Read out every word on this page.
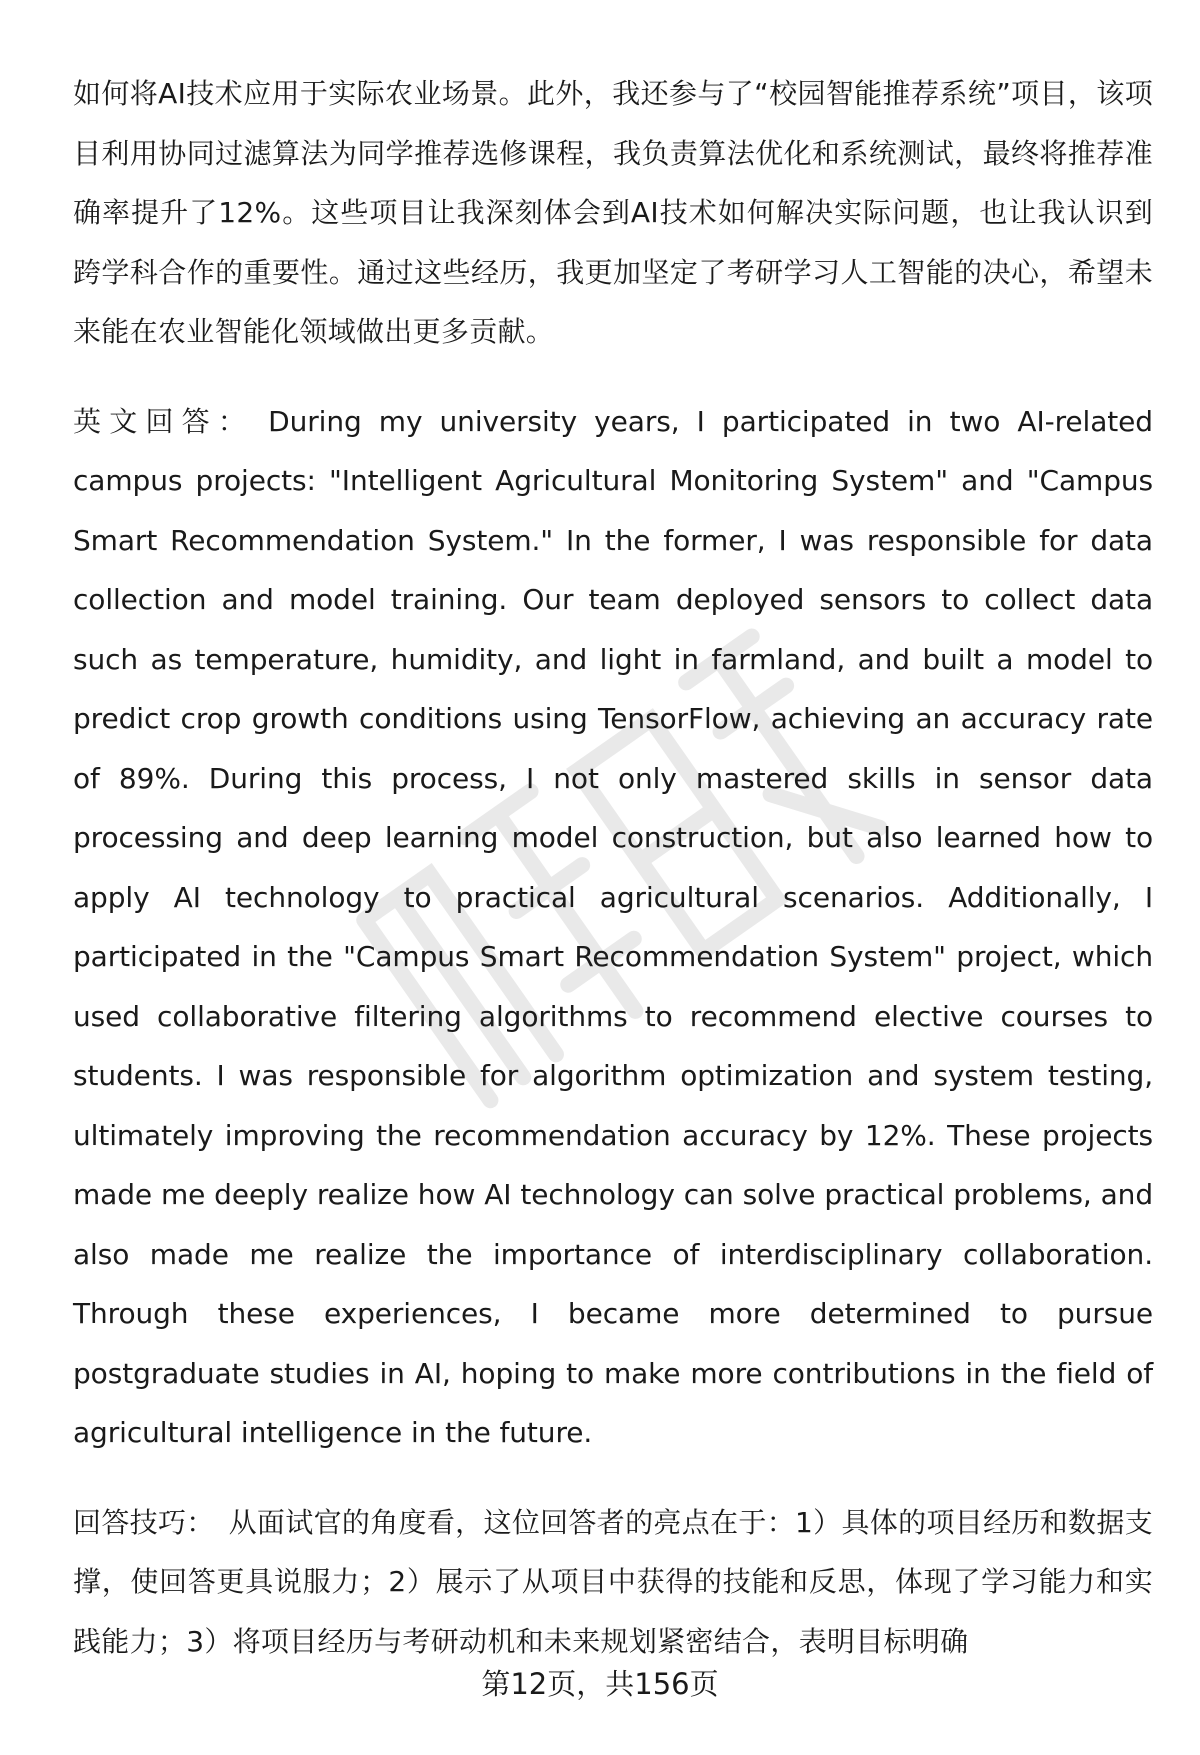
如何将AI技术应用于实际农业场景。此外，我还参与了“校园智能推荐系统”项目，该项目利用协同过滤算法为同学推荐选修课程，我负责算法优化和系统测试，最终将推荐准确率提升了12%。这些项目让我深刻体会到AI技术如何解决实际问题，也让我认识到跨学科合作的重要性。通过这些经历，我更加坚定了考研学习人工智能的决心，希望未来能在农业智能化领域做出更多贡献。

英文回答： During my university years, I participated in two AI-related campus projects: "Intelligent Agricultural Monitoring System" and "Campus Smart Recommendation System." In the former, I was responsible for data collection and model training. Our team deployed sensors to collect data such as temperature, humidity, and light in farmland, and built a model to predict crop growth conditions using TensorFlow, achieving an accuracy rate of 89%. During this process, I not only mastered skills in sensor data processing and deep learning model construction, but also learned how to apply AI technology to practical agricultural scenarios. Additionally, I participated in the "Campus Smart Recommendation System" project, which used collaborative filtering algorithms to recommend elective courses to students. I was responsible for algorithm optimization and system testing, ultimately improving the recommendation accuracy by 12%. These projects made me deeply realize how AI technology can solve practical problems, and also made me realize the importance of interdisciplinary collaboration. Through these experiences, I became more determined to pursue postgraduate studies in AI, hoping to make more contributions in the field of agricultural intelligence in the future.

回答技巧： 从面试官的角度看，这位回答者的亮点在于：1）具体的项目经历和数据支撑，使回答更具说服力；2）展示了从项目中获得的技能和反思，体现了学习能力和实践能力；3）将项目经历与考研动机和未来规划紧密结合，表明目标明确

第12页，共156页
